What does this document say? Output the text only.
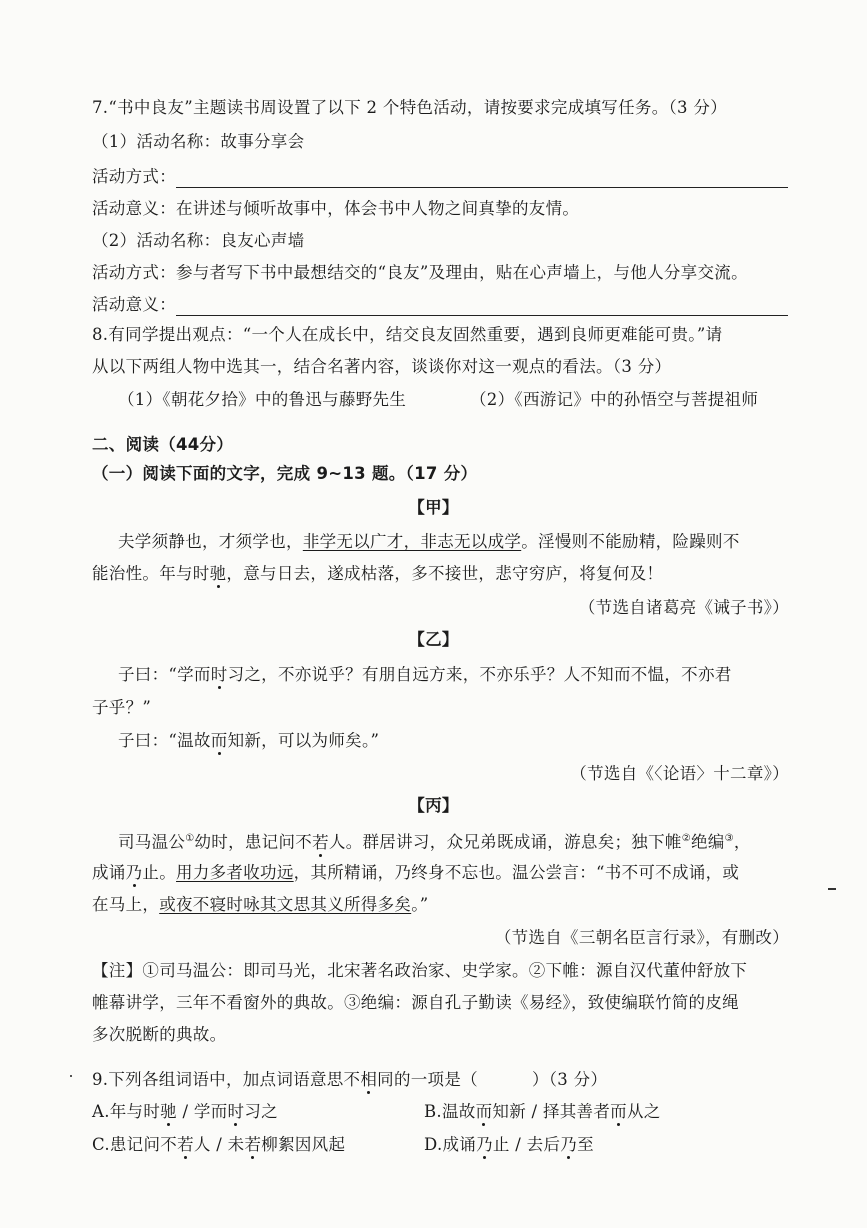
7.“书中良友”主题读书周设置了以下 2 个特色活动，请按要求完成填写任务。（3 分）
（1）活动名称：故事分享会
活动方式：
活动意义：在讲述与倾听故事中，体会书中人物之间真挚的友情。
（2）活动名称：良友心声墙
活动方式：参与者写下书中最想结交的“良友”及理由，贴在心声墙上，与他人分享交流。
活动意义：
8.有同学提出观点：“一个人在成长中，结交良友固然重要，遇到良师更难能可贵。”请
从以下两组人物中选其一，结合名著内容，谈谈你对这一观点的看法。（3 分）
（1）《朝花夕拾》中的鲁迅与藤野先生	（2）《西游记》中的孙悟空与菩提祖师
二、阅读（44分）
（一）阅读下面的文字，完成 9~13 题。（17 分）
【甲】
夫学须静也，才须学也，非学无以广才，非志无以成学。淫慢则不能励精，险躁则不
能治性。年与时驰，意与日去，遂成枯落，多不接世，悲守穷庐，将复何及！
（节选自诸葛亮《诫子书》）
【乙】
子曰：“学而时习之，不亦说乎？有朋自远方来，不亦乐乎？人不知而不愠，不亦君
子乎？”
子曰：“温故而知新，可以为师矣。”
（节选自《〈论语〉十二章》）
【丙】
司马温公①幼时，患记问不若人。群居讲习，众兄弟既成诵，游息矣；独下帷②绝编③，
成诵乃止。用力多者收功远，其所精诵，乃终身不忘也。温公尝言：“书不可不成诵，或
在马上，或夜不寝时咏其文思其义所得多矣。”
（节选自《三朝名臣言行录》，有删改）
【注】①司马温公：即司马光，北宋著名政治家、史学家。②下帷：源自汉代董仲舒放下
帷幕讲学，三年不看窗外的典故。③绝编：源自孔子勤读《易经》，致使编联竹简的皮绳
多次脱断的典故。
9.下列各组词语中，加点词语意思不相同的一项是（	）（3 分）
A.年与时驰 / 学而时习之	B.温故而知新 / 择其善者而从之
C.患记问不若人 / 未若柳絮因风起	D.成诵乃止 / 去后乃至
